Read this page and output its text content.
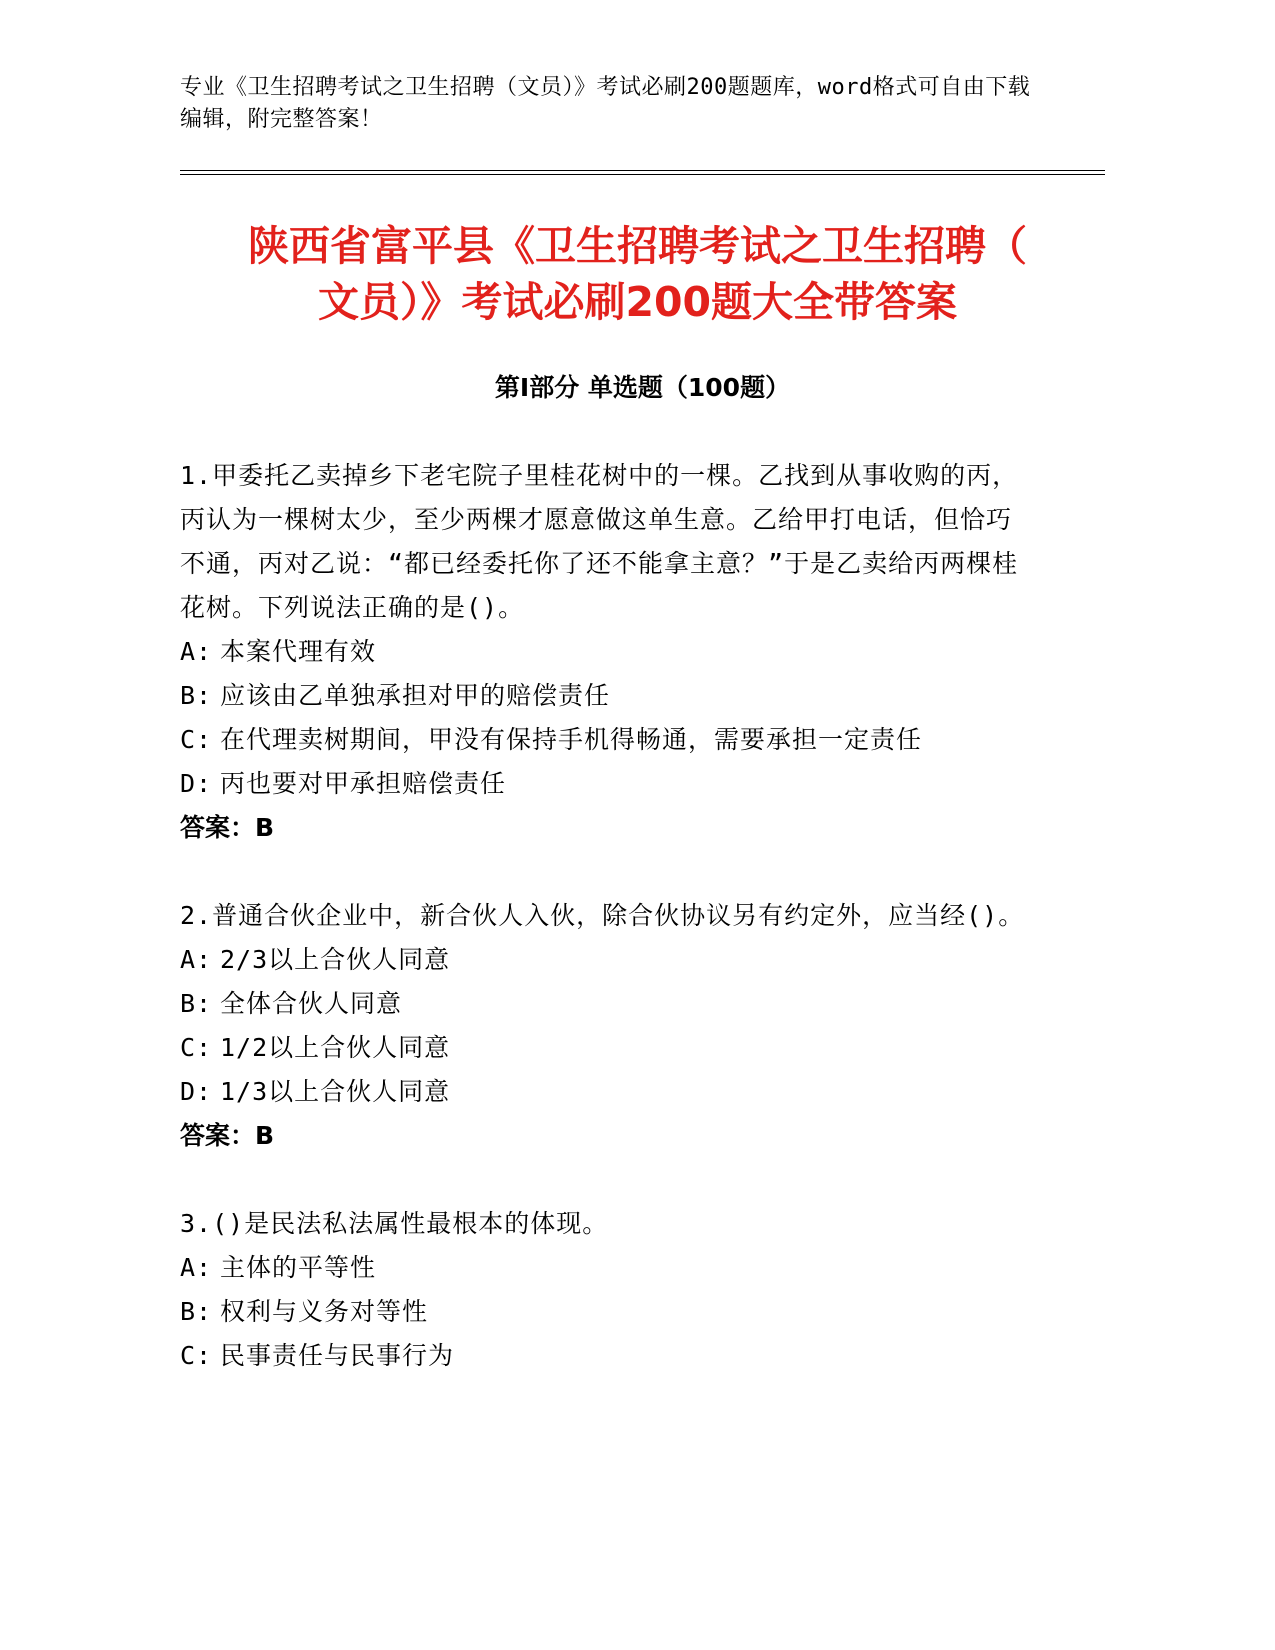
专业《卫生招聘考试之卫生招聘（文员）》考试必刷200题题库，word格式可自由下载编辑，附完整答案！
陕西省富平县《卫生招聘考试之卫生招聘（
文员）》考试必刷200题大全带答案
第I部分 单选题（100题）
1.甲委托乙卖掉乡下老宅院子里桂花树中的一棵。乙找到从事收购的丙，丙认为一棵树太少，至少两棵才愿意做这单生意。乙给甲打电话，但恰巧不通，丙对乙说：“都已经委托你了还不能拿主意？”于是乙卖给丙两棵桂花树。下列说法正确的是()。
A: 本案代理有效
B: 应该由乙单独承担对甲的赔偿责任
C: 在代理卖树期间，甲没有保持手机得畅通，需要承担一定责任
D: 丙也要对甲承担赔偿责任
答案：B
2.普通合伙企业中，新合伙人入伙，除合伙协议另有约定外，应当经()。
A: 2/3以上合伙人同意
B: 全体合伙人同意
C: 1/2以上合伙人同意
D: 1/3以上合伙人同意
答案：B
3.()是民法私法属性最根本的体现。
A: 主体的平等性
B: 权利与义务对等性
C: 民事责任与民事行为
